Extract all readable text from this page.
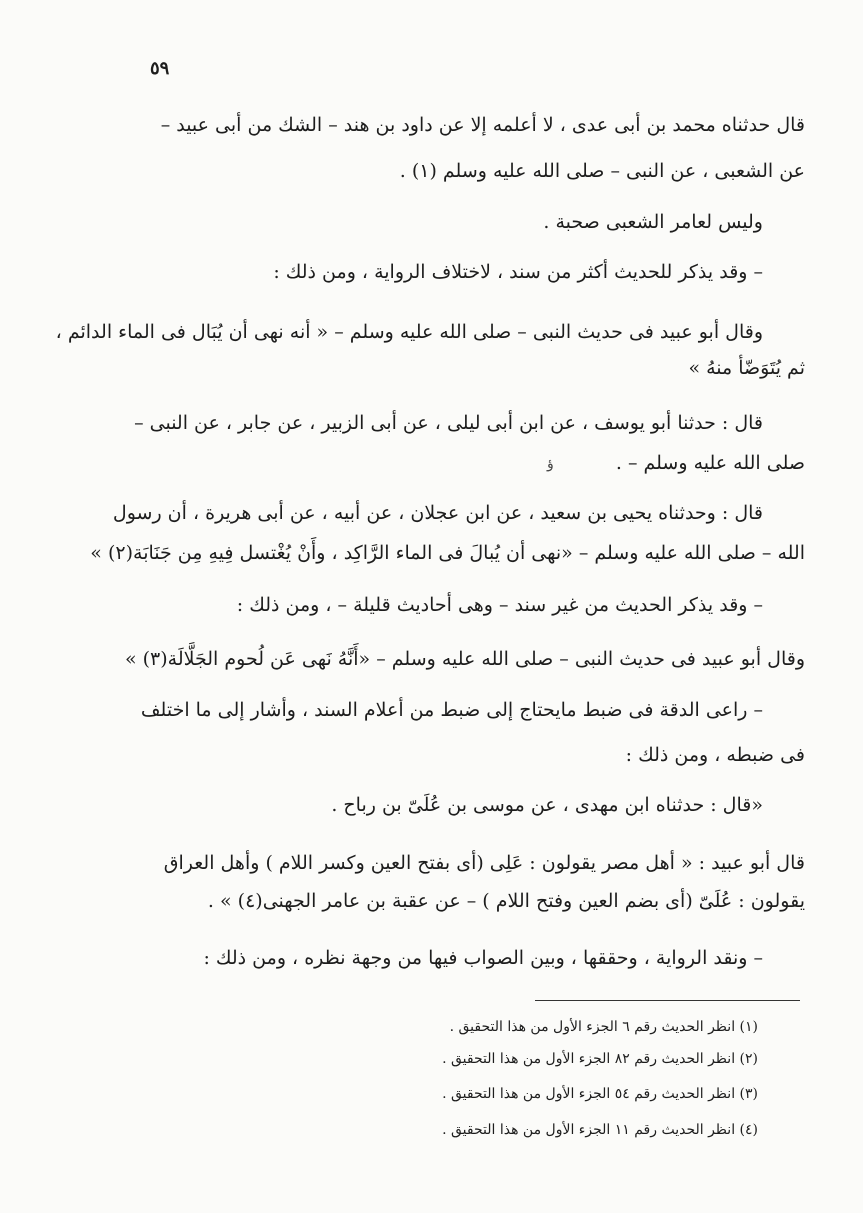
٥٩
قال حدثناه محمد بن أبى عدى ، لا أعلمه إلا عن داود بن هند – الشك من أبى عبيد –
عن الشعبى ، عن النبى – صلى الله عليه وسلم (١) .
وليس لعامر الشعبى صحبة .
– وقد يذكر للحديث أكثر من سند ، لاختلاف الرواية ، ومن ذلك :
وقال أبو عبيد فى حديث النبى – صلى الله عليه وسلم – « أنه نهى أن يُبَال فى الماء الدائم ،
ثم يُتَوَضّأ منهُ »
قال : حدثنا أبو يوسف ، عن ابن أبى ليلى ، عن أبى الزبير ، عن جابر ، عن النبى –
صلى الله عليه وسلم – .
ؤ
قال : وحدثناه يحيى بن سعيد ، عن ابن عجلان ، عن أبيه ، عن أبى هريرة ، أن رسول
الله – صلى الله عليه وسلم – «نهى أن يُبالَ فى الماء الرَّاكِد ، وأَنْ يُغْتسل فِيهِ مِن جَنَابَة(٢) »
– وقد يذكر الحديث من غير سند – وهى أحاديث قليلة – ، ومن ذلك :
وقال أبو عبيد فى حديث النبى – صلى الله عليه وسلم – «أَنَّهُ نَهى عَن لُحوم الجَلَّالَة(٣) »
– راعى الدقة فى ضبط مايحتاج إلى ضبط من أعلام السند ، وأشار إلى ما اختلف
فى ضبطه ، ومن ذلك :
«قال : حدثناه ابن مهدى ، عن موسى بن عُلَىّ بن رباح .
قال أبو عبيد : « أهل مصر يقولون : عَلِى (أى بفتح العين وكسر اللام ) وأهل العراق
يقولون : عُلَىّ (أى بضم العين وفتح اللام ) – عن عقبة بن عامر الجهنى(٤) » .
– ونقد الرواية ، وحققها ، وبين الصواب فيها من وجهة نظره ، ومن ذلك :
(١) انظر الحديث رقم ٦ الجزء الأول من هذا التحقيق .
(٢) انظر الحديث رقم ٨٢ الجزء الأول من هذا التحقيق .
(٣) انظر الحديث رقم ٥٤ الجزء الأول من هذا التحقيق .
(٤) انظر الحديث رقم ١١ الجزء الأول من هذا التحقيق .
